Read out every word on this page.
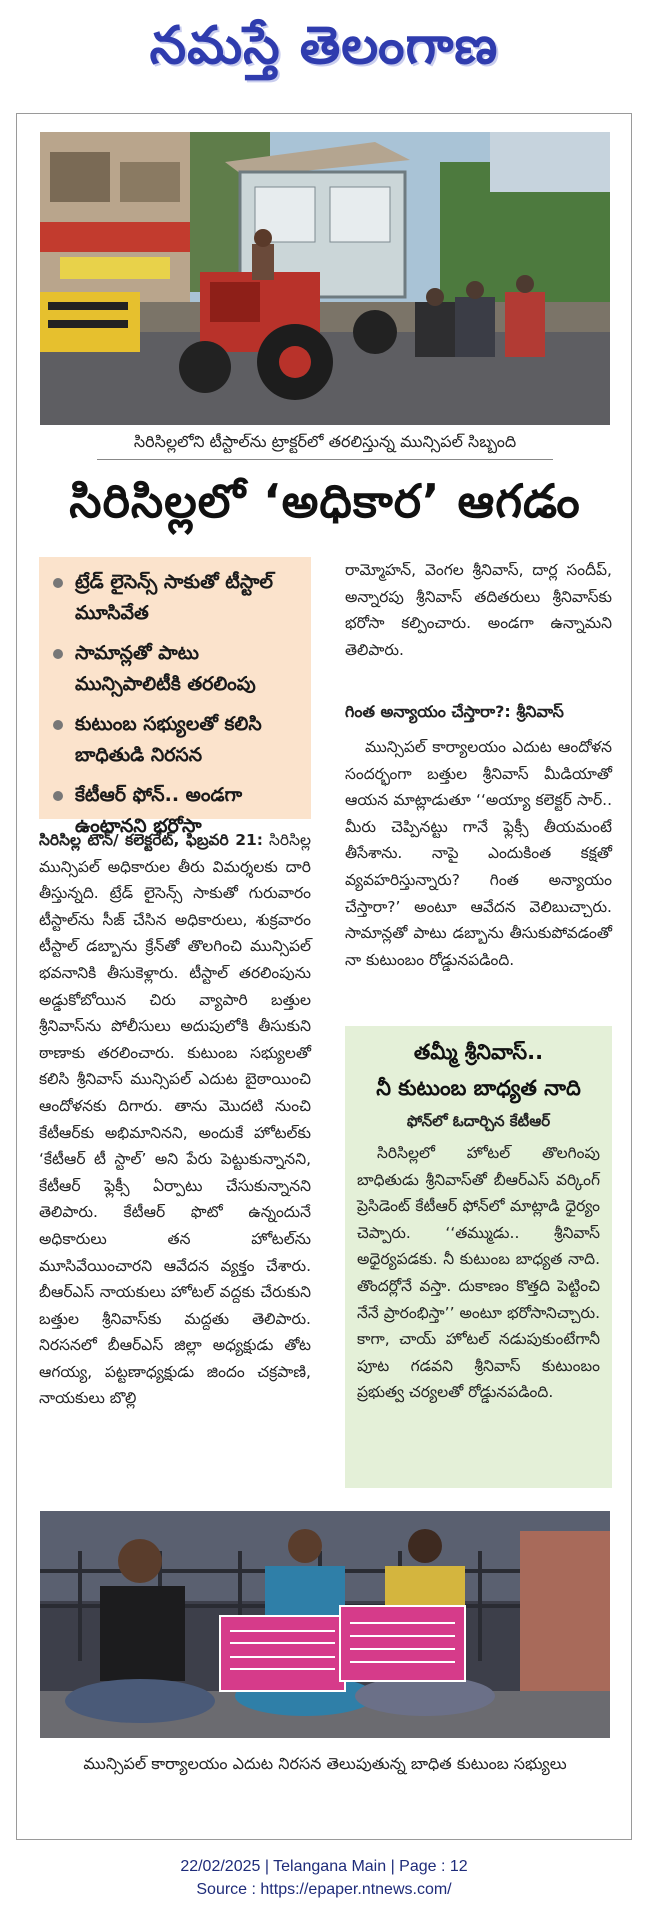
నమస్తే తెలంగాణ
సిరిసిల్లలోని టీస్టాల్‌ను ట్రాక్టర్‌లో తరలిస్తున్న మున్సిపల్ సిబ్బంది
సిరిసిల్లలో ‘అధికార’ ఆగడం
ట్రేడ్ లైసెన్స్ సాకుతో టీస్టాల్ మూసివేత
సామాన్లతో పాటు మున్సిపాలిటీకి తరలింపు
కుటుంబ సభ్యులతో కలిసి బాధితుడి నిరసన
కేటీఆర్ ఫోన్.. అండగా ఉంటానని భరోసా

సిరిసిల్ల టౌన్/ కలెక్టరేట్, ఫిబ్రవరి 21: సిరిసిల్ల మున్సిపల్ అధికారుల తీరు విమర్శలకు దారి తీస్తున్నది. ట్రేడ్ లైసెన్స్ సాకుతో గురువారం టీస్టాల్‌ను సీజ్ చేసిన అధికారులు, శుక్రవారం టీస్టాల్ డబ్బాను క్రేన్‌తో తొలగించి మున్సిపల్ భవనానికి తీసుకెళ్లారు. టీస్టాల్ తరలింపును అడ్డుకోబోయిన చిరు వ్యాపారి బత్తుల శ్రీనివాస్‌ను పోలీసులు అదుపులోకి తీసుకుని ఠాణాకు తరలించారు. కుటుంబ సభ్యులతో కలిసి శ్రీనివాస్ మున్సిపల్ ఎదుట బైఠాయించి ఆందోళనకు దిగారు. తాను మొదటి నుంచి కేటీఆర్‌కు అభిమానినని, అందుకే హోటల్‌కు ‘కేటీఆర్ టీ స్టాల్’ అని పేరు పెట్టుకున్నానని, కేటీఆర్ ఫ్లెక్సీ ఏర్పాటు చేసుకున్నానని తెలిపారు. కేటీఆర్ ఫొటో ఉన్నందునే అధికారులు తన హోటల్‌ను మూసివేయించారని ఆవేదన వ్యక్తం చేశారు. బీఆర్‌ఎస్ నాయకులు హోటల్ వద్దకు చేరుకుని బత్తుల శ్రీనివాస్‌కు మద్దతు తెలిపారు. నిరసనలో బీఆర్‌ఎస్ జిల్లా అధ్యక్షుడు తోట ఆగయ్య, పట్టణాధ్యక్షుడు జిందం చక్రపాణి, నాయకులు బొల్లి

రామ్మోహన్, వెంగల శ్రీనివాస్, దార్ల సందీప్, అన్నారపు శ్రీనివాస్ తదితరులు శ్రీనివాస్‌కు భరోసా కల్పించారు. అండగా ఉన్నామని తెలిపారు.

గింత అన్యాయం చేస్తారా?: శ్రీనివాస్

మున్సిపల్ కార్యాలయం ఎదుట ఆందోళన సందర్భంగా బత్తుల శ్రీనివాస్ మీడియాతో ఆయన మాట్లాడుతూ ‘‘అయ్యా కలెక్టర్ సార్.. మీరు చెప్పినట్టు గానే ఫ్లెక్సీ తీయమంటే తీసేశాను. నాపై ఎందుకింత కక్షతో వ్యవహరిస్తున్నారు? గింత అన్యాయం చేస్తారా?’ అంటూ ఆవేదన వెలిబుచ్చారు. సామాన్లతో పాటు డబ్బాను తీసుకుపోవడంతో నా కుటుంబం రోడ్డునపడింది.

తమ్మీ శ్రీనివాస్..
నీ కుటుంబ బాధ్యత నాది
ఫోన్‌లో ఓదార్చిన కేటీఆర్
సిరిసిల్లలో హోటల్ తొలగింపు బాధితుడు శ్రీనివాస్‌తో బీఆర్‌ఎస్ వర్కింగ్ ప్రెసిడెంట్ కేటీఆర్ ఫోన్‌లో మాట్లాడి ధైర్యం చెప్పారు. ‘‘తమ్ముడు.. శ్రీనివాస్ అధైర్యపడకు. నీ కుటుంబ బాధ్యత నాది. తొందర్లోనే వస్తా. దుకాణం కొత్తది పెట్టించి నేనే ప్రారంభిస్తా’’ అంటూ భరోసానిచ్చారు. కాగా, చాయ్ హోటల్ నడుపుకుంటేగానీ పూట గడవని శ్రీనివాస్ కుటుంబం ప్రభుత్వ చర్యలతో రోడ్డునపడింది.
మున్సిపల్ కార్యాలయం ఎదుట నిరసన తెలుపుతున్న బాధిత కుటుంబ సభ్యులు
22/02/2025 | Telangana Main | Page : 12
Source : https://epaper.ntnews.com/
